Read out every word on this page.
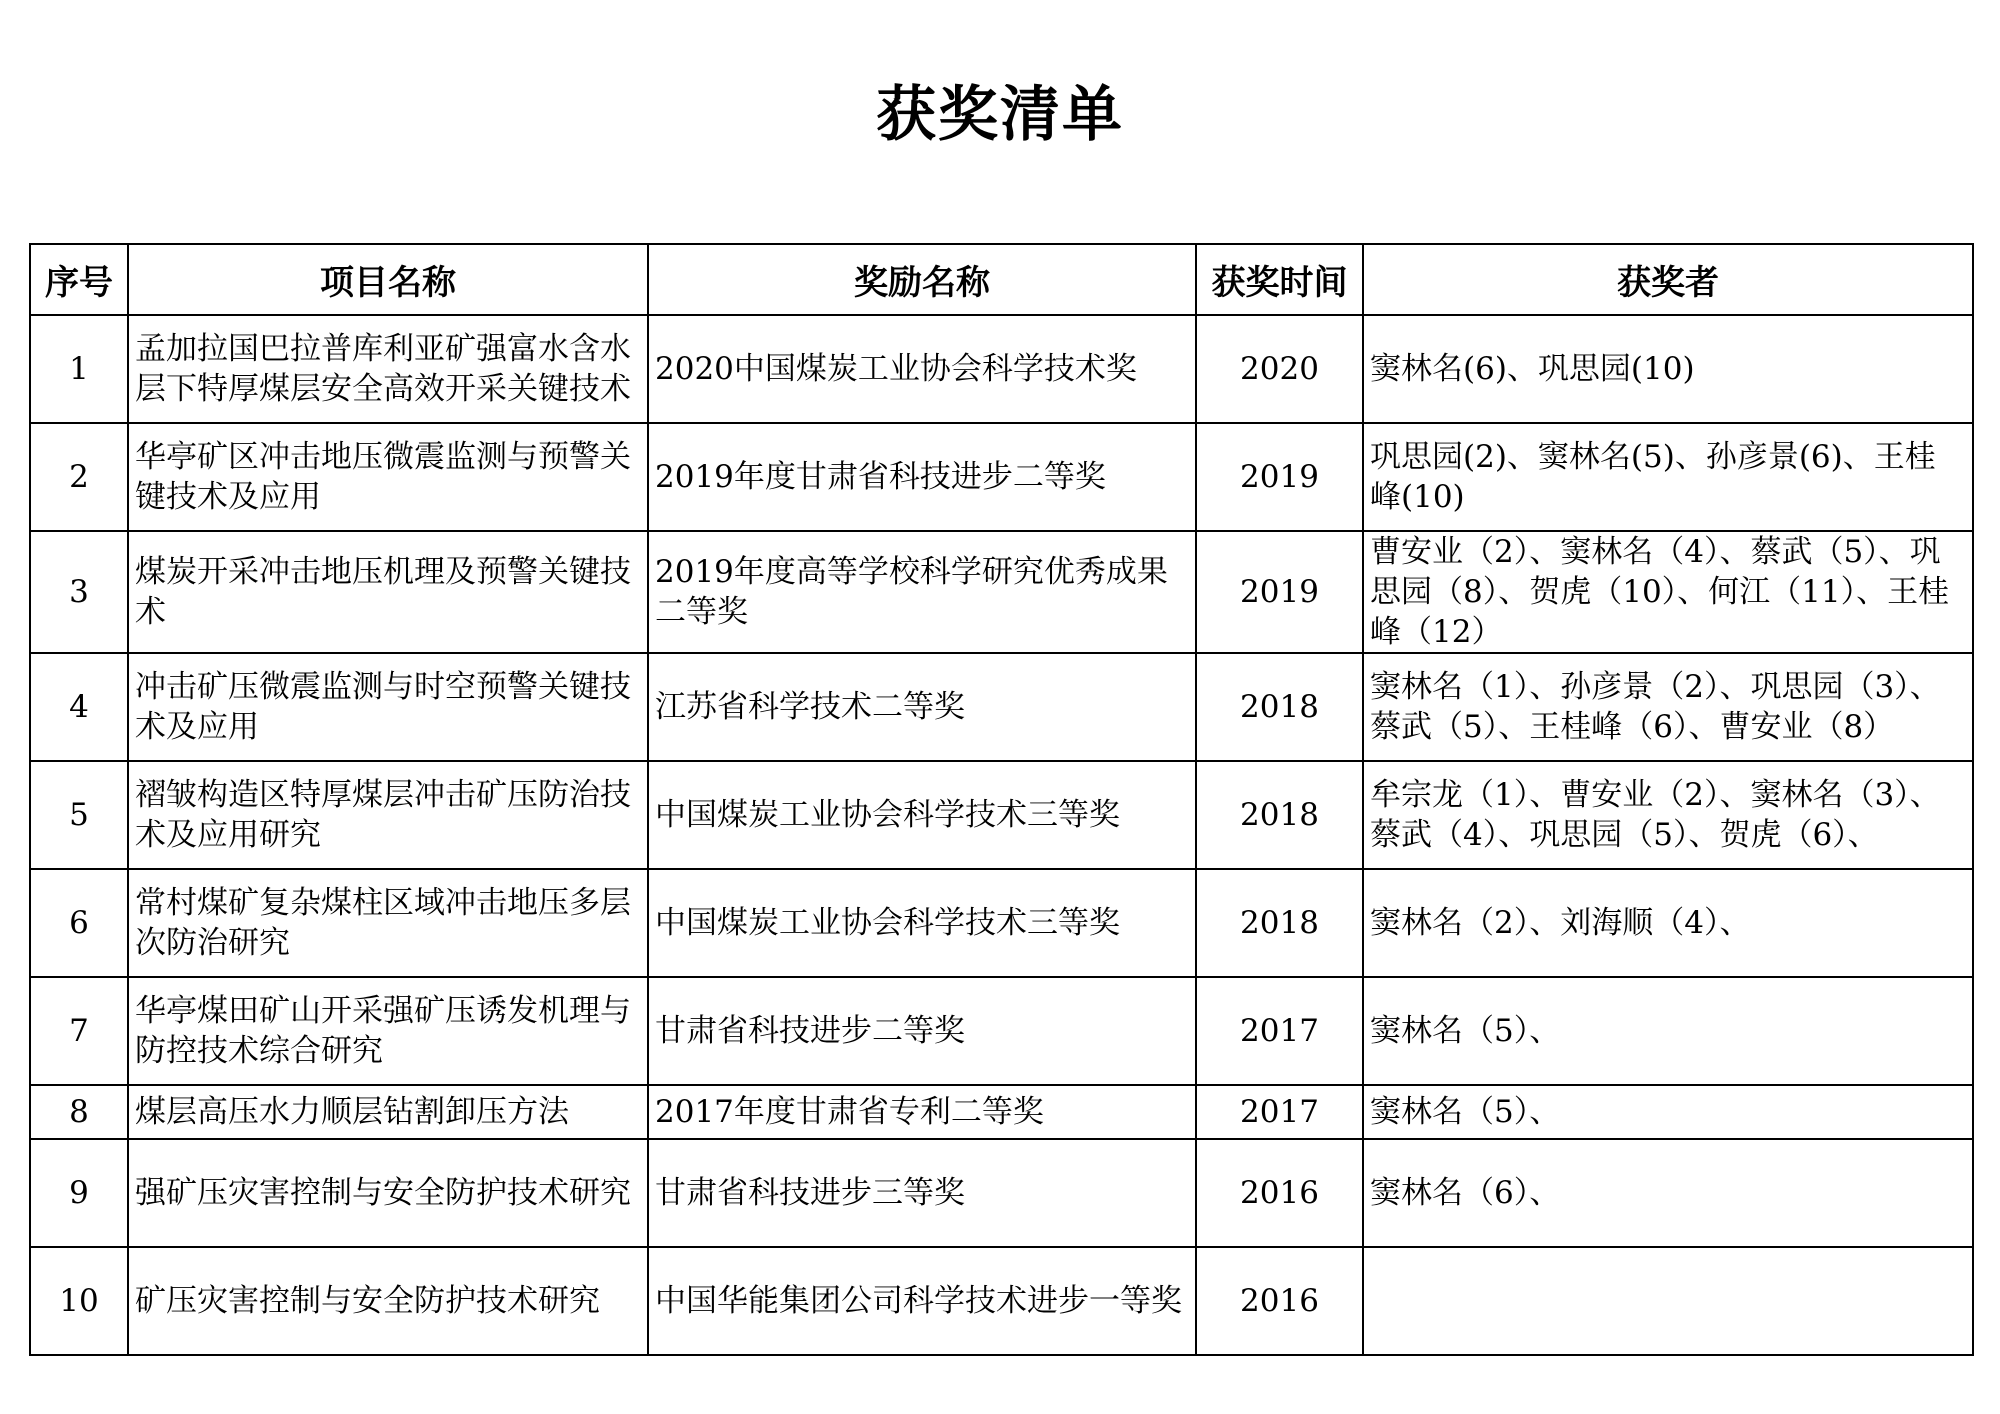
获奖清单
序号	项目名称	奖励名称	获奖时间	获奖者
1	孟加拉国巴拉普库利亚矿强富水含水层下特厚煤层安全高效开采关键技术	2020中国煤炭工业协会科学技术奖	2020	窦林名(6)、巩思园(10)
2	华亭矿区冲击地压微震监测与预警关键技术及应用	2019年度甘肃省科技进步二等奖	2019	巩思园(2)、窦林名(5)、孙彦景(6)、王桂峰(10)
3	煤炭开采冲击地压机理及预警关键技术	2019年度高等学校科学研究优秀成果二等奖	2019	曹安业（2）、窦林名（4）、蔡武（5）、巩思园（8）、贺虎（10）、何江（11）、王桂峰（12）
4	冲击矿压微震监测与时空预警关键技术及应用	江苏省科学技术二等奖	2018	窦林名（1）、孙彦景（2）、巩思园（3）、蔡武（5）、王桂峰（6）、曹安业（8）
5	褶皱构造区特厚煤层冲击矿压防治技术及应用研究	中国煤炭工业协会科学技术三等奖	2018	牟宗龙（1）、曹安业（2）、窦林名（3）、蔡武（4）、巩思园（5）、贺虎（6）、
6	常村煤矿复杂煤柱区域冲击地压多层次防治研究	中国煤炭工业协会科学技术三等奖	2018	窦林名（2）、刘海顺（4）、
7	华亭煤田矿山开采强矿压诱发机理与防控技术综合研究	甘肃省科技进步二等奖	2017	窦林名（5）、
8	煤层高压水力顺层钻割卸压方法	2017年度甘肃省专利二等奖	2017	窦林名（5）、
9	强矿压灾害控制与安全防护技术研究	甘肃省科技进步三等奖	2016	窦林名（6）、
10	矿压灾害控制与安全防护技术研究	中国华能集团公司科学技术进步一等奖	2016	
